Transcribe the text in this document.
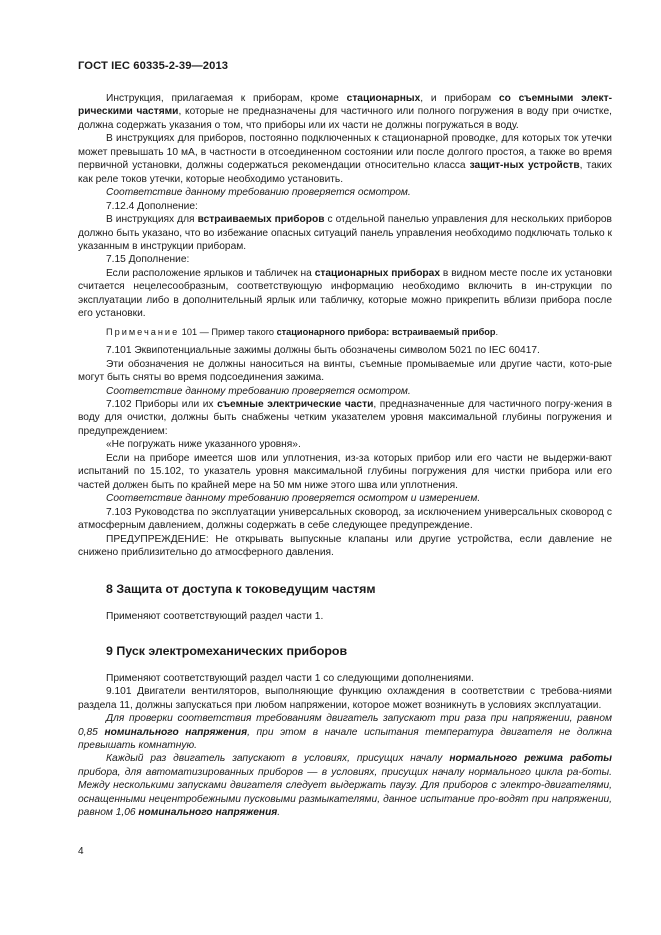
ГОСТ IEC 60335-2-39—2013

Инструкция, прилагаемая к приборам, кроме стационарных, и приборам со съемными элект-рическими частями, которые не предназначены для частичного или полного погружения в воду при очистке, должна содержать указания о том, что приборы или их части не должны погружаться в воду.

В инструкциях для приборов, постоянно подключенных к стационарной проводке, для которых ток утечки может превышать 10 мА, в частности в отсоединенном состоянии или после долгого простоя, а также во время первичной установки, должны содержаться рекомендации относительно класса защит-ных устройств, таких как реле токов утечки, которые необходимо установить.

Соответствие данному требованию проверяется осмотром.

7.12.4 Дополнение:

В инструкциях для встраиваемых приборов с отдельной панелью управления для нескольких приборов должно быть указано, что во избежание опасных ситуаций панель управления необходимо подключать только к указанным в инструкции приборам.

7.15 Дополнение:

Если расположение ярлыков и табличек на стационарных приборах в видном месте после их установки считается нецелесообразным, соответствующую информацию необходимо включить в ин-струкции по эксплуатации либо в дополнительный ярлык или табличку, которые можно прикрепить вблизи прибора после его установки.

Примечание 101 — Пример такого стационарного прибора: встраиваемый прибор.

7.101 Эквипотенциальные зажимы должны быть обозначены символом 5021 по IEC 60417.

Эти обозначения не должны наноситься на винты, съемные промываемые или другие части, кото-рые могут быть сняты во время подсоединения зажима.

Соответствие данному требованию проверяется осмотром.

7.102 Приборы или их съемные электрические части, предназначенные для частичного погру-жения в воду для очистки, должны быть снабжены четким указателем уровня максимальной глубины погружения и предупреждением:

«Не погружать ниже указанного уровня».

Если на приборе имеется шов или уплотнения, из-за которых прибор или его части не выдержи-вают испытаний по 15.102, то указатель уровня максимальной глубины погружения для чистки прибора или его частей должен быть по крайней мере на 50 мм ниже этого шва или уплотнения.

Соответствие данному требованию проверяется осмотром и измерением.

7.103 Руководства по эксплуатации универсальных сковород, за исключением универсальных сковород с атмосферным давлением, должны содержать в себе следующее предупреждение.

ПРЕДУПРЕЖДЕНИЕ: Не открывать выпускные клапаны или другие устройства, если давление не снижено приблизительно до атмосферного давления.

8 Защита от доступа к токоведущим частям

Применяют соответствующий раздел части 1.

9 Пуск электромеханических приборов

Применяют соответствующий раздел части 1 со следующими дополнениями.

9.101 Двигатели вентиляторов, выполняющие функцию охлаждения в соответствии с требова-ниями раздела 11, должны запускаться при любом напряжении, которое может возникнуть в условиях эксплуатации.

Для проверки соответствия требованиям двигатель запускают три раза при напряжении, равном 0,85 номинального напряжения, при этом в начале испытания температура двигателя не должна превышать комнатную.

Каждый раз двигатель запускают в условиях, присущих началу нормального режима работы прибора, для автоматизированных приборов — в условиях, присущих началу нормального цикла ра-боты. Между несколькими запусками двигателя следует выдержать паузу. Для приборов с электро-двигателями, оснащенными нецентробежными пусковыми размыкателями, данное испытание про-водят при напряжении, равном 1,06 номинального напряжения.

4
